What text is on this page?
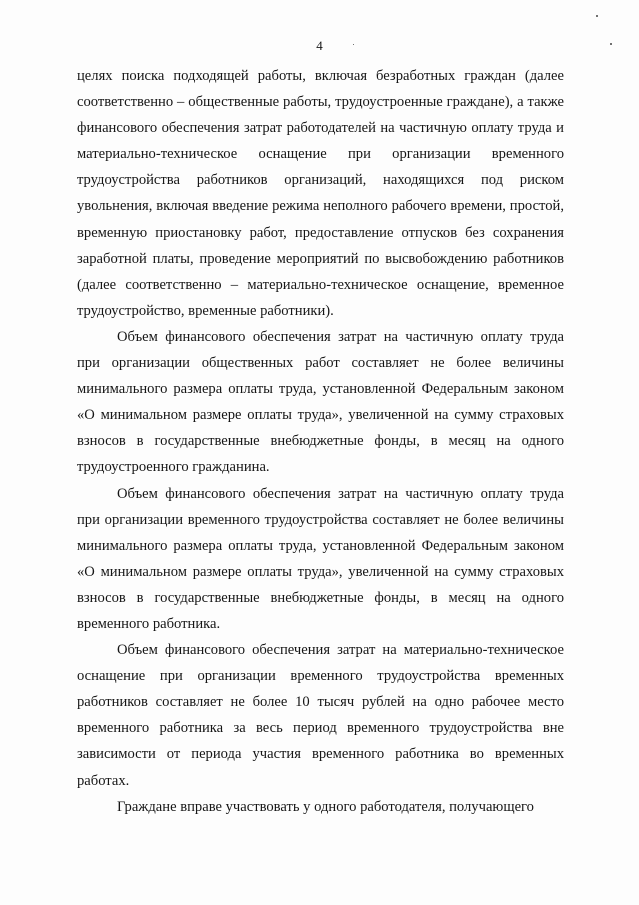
4

целях поиска подходящей работы, включая безработных граждан (далее соответственно – общественные работы, трудоустроенные граждане), а также финансового обеспечения затрат работодателей на частичную оплату труда и материально-техническое оснащение при организации временного трудоустройства работников организаций, находящихся под риском увольнения, включая введение режима неполного рабочего времени, простой, временную приостановку работ, предоставление отпусков без сохранения заработной платы, проведение мероприятий по высвобождению работников (далее соответственно – материально-техническое оснащение, временное трудоустройство, временные работники).

Объем финансового обеспечения затрат на частичную оплату труда при организации общественных работ составляет не более величины минимального размера оплаты труда, установленной Федеральным законом «О минимальном размере оплаты труда», увеличенной на сумму страховых взносов в государственные внебюджетные фонды, в месяц на одного трудоустроенного гражданина.

Объем финансового обеспечения затрат на частичную оплату труда при организации временного трудоустройства составляет не более величины минимального размера оплаты труда, установленной Федеральным законом «О минимальном размере оплаты труда», увеличенной на сумму страховых взносов в государственные внебюджетные фонды, в месяц на одного временного работника.

Объем финансового обеспечения затрат на материально-техническое оснащение при организации временного трудоустройства временных работников составляет не более 10 тысяч рублей на одно рабочее место временного работника за весь период временного трудоустройства вне зависимости от периода участия временного работника во временных работах.

Граждане вправе участвовать у одного работодателя, получающего
